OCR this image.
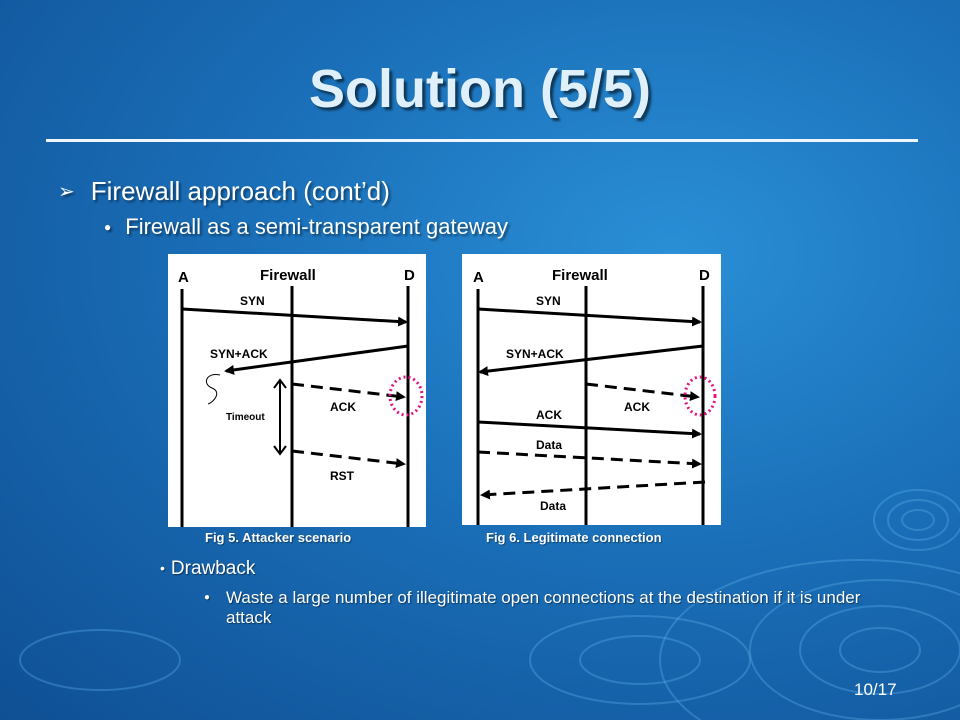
Solution (5/5)
➢ Firewall approach (cont’d)
● Firewall as a semi-transparent gateway
A	Firewall	D
SYN
SYN+ACK
Timeout
ACK
RST
Fig 5. Attacker scenario
A	Firewall	D
SYN
SYN+ACK
ACK
ACK
Data
Data
Fig 6. Legitimate connection
• Drawback
● Waste a large number of illegitimate open connections at the destination if it is under attack
10/17
